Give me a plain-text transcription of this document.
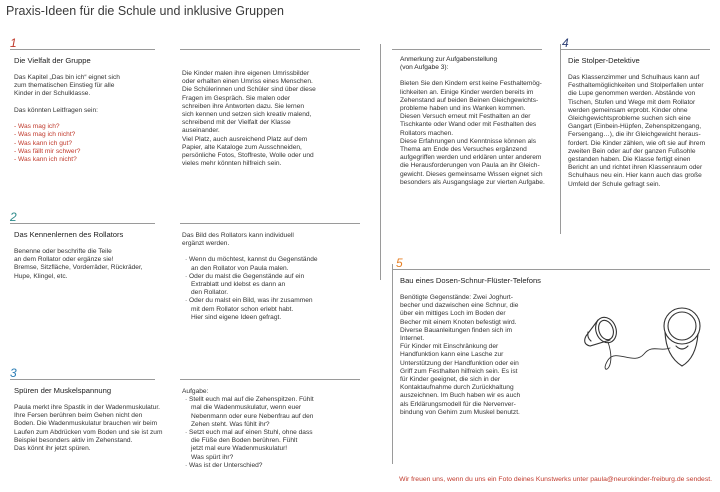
Praxis-Ideen für die Schule und inklusive Gruppen
1
Die Vielfalt der Gruppe

Das Kapitel „Das bin ich“ eignet sich

zum thematischen Einstieg für alle

Kinder in der Schulklasse.

Das könnten Leitfragen sein:

- Was mag ich?
- Was mag ich nicht?
- Was kann ich gut?
- Was fällt mir schwer?
- Was kann ich nicht?

Die Kinder malen ihre eigenen Umrissbilder

oder erhalten einen Umriss eines Menschen.

Die Schülerinnen und Schüler sind über diese

Fragen im Gespräch. Sie malen oder

schreiben ihre Antworten dazu. Sie lernen

sich kennen und setzen sich kreativ malend,

schreibend mit der Vielfalt der Klasse

auseinander.

Viel Platz, auch ausreichend Platz auf dem

Papier, alte Kataloge zum Ausschneiden,

persönliche Fotos, Stoffreste, Wolle oder und

vieles mehr könnten hilfreich sein.

2
Das Kennenlernen des Rollators

Benenne oder beschrifte die Teile

an dem Rollator oder ergänze sie!

Bremse, Sitzfläche, Vorderräder, Rückräder,

Hupe, Klingel, etc.

Das Bild des Rollators kann individuell

ergänzt werden.

· Wenn du möchtest, kannst du Gegenstände
an den Rollator von Paula malen.
· Oder du malst die Gegenstände auf ein
Extrablatt und klebst es dann an
den Rollator.
· Oder du malst ein Bild, was ihr zusammen
mit dem Rollator schon erlebt habt.
Hier sind eigene Ideen gefragt.
3
Spüren der Muskelspannung

Paula merkt ihre Spastik in der Wadenmuskulatur.

Ihre Fersen berühren beim Gehen nicht den

Boden. Die Wadenmuskulatur brauchen wir beim

Laufen zum Abdrücken vom Boden und sie ist zum

Beispiel besonders aktiv im Zehenstand.

Das könnt ihr jetzt spüren.

Aufgabe:

· Stellt euch mal auf die Zehenspitzen. Fühlt
mal die Wadenmuskulatur, wenn euer
Nebenmann oder eure Nebenfrau auf den
Zehen steht. Was fühlt ihr?
· Setzt euch mal auf einen Stuhl, ohne dass
die Füße den Boden berühren. Fühlt
jetzt mal eure Wadenmuskulatur!
Was spürt ihr?
· Was ist der Unterschied?

Anmerkung zur Aufgabenstellung

(von Aufgabe 3):

Bieten Sie den Kindern erst keine Festhaltemög-

lichkeiten an. Einige Kinder werden bereits im

Zehenstand auf beiden Beinen Gleichgewichts-

probleme haben und ins Wanken kommen.

Diesen Versuch erneut mit Festhalten an der

Tischkante oder Wand oder mit Festhalten des

Rollators machen.

Diese Erfahrungen und Kenntnisse können als

Thema am Ende des Versuches ergänzend

aufgegriffen werden und erklären unter anderem

die Herausforderungen von Paula an ihr Gleich-

gewicht. Dieses gemeinsame Wissen eignet sich

besonders als Ausgangslage zur vierten Aufgabe.

4
Die Stolper-Detektive

Das Klassenzimmer und Schulhaus kann auf

Festhaltemöglichkeiten und Stolperfallen unter

die Lupe genommen werden. Abstände von

Tischen, Stufen und Wege mit dem Rollator

werden gemeinsam erprobt. Kinder ohne

Gleichgewichtsprobleme suchen sich eine

Gangart (Einbein-Hüpfen, Zehenspitzengang,

Fersengang…), die ihr Gleichgewicht heraus-

fordert. Die Kinder zählen, wie oft sie auf ihrem

zweiten Bein oder auf der ganzen Fußsohle

gestanden haben. Die Klasse fertigt einen

Bericht an und richtet ihren Klassenraum oder

Schulhaus neu ein. Hier kann auch das große

Umfeld der Schule gefragt sein.

5
Bau eines Dosen-Schnur-Flüster-Telefons

Benötigte Gegenstände: Zwei Joghurt-

becher und dazwischen eine Schnur, die

über ein mittiges Loch im Boden der

Becher mit einem Knoten befestigt wird.

Diverse Bauanleitungen finden sich im

Internet.

Für Kinder mit Einschränkung der

Handfunktion kann eine Lasche zur

Unterstützung der Handfunktion oder ein

Griff zum Festhalten hilfreich sein. Es ist

für Kinder geeignet, die sich in der

Kontaktaufnahme durch Zurückhaltung

auszeichnen. Im Buch haben wir es auch

als Erklärungsmodell für die Nervenver-

bindung von Gehirn zum Muskel benutzt.

Wir freuen uns, wenn du uns ein Foto deines Kunstwerks unter paula@neurokinder-freiburg.de sendest.
